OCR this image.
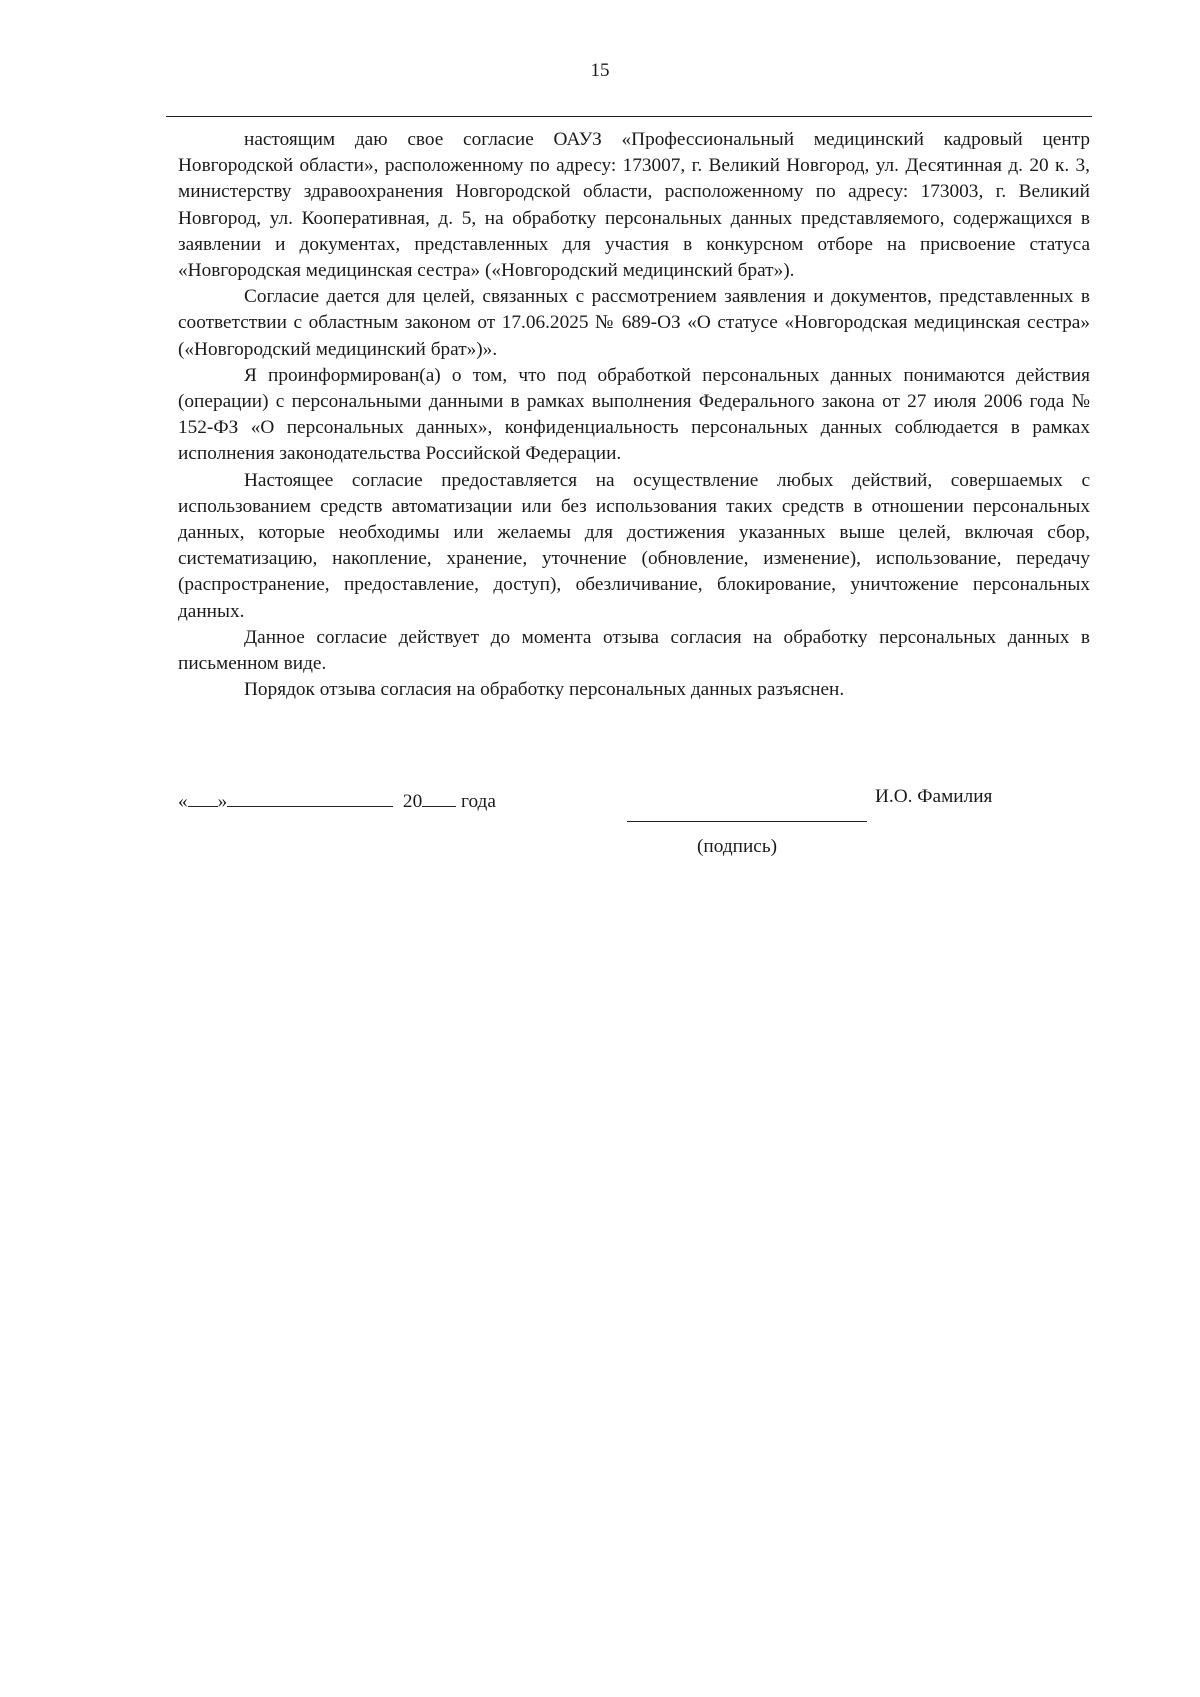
15

настоящим даю свое согласие ОАУЗ «Профессиональный медицинский кадровый центр Новгородской области», расположенному по адресу: 173007, г. Великий Новгород, ул. Десятинная д. 20 к. 3, министерству здравоохранения Новгородской области, расположенному по адресу: 173003, г. Великий Новгород, ул. Кооперативная, д. 5, на обработку персональных данных представляемого, содержащихся в заявлении и документах, представленных для участия в конкурсном отборе на присвоение статуса «Новгородская медицинская сестра» («Новгородский медицинский брат»).

Согласие дается для целей, связанных с рассмотрением заявления и документов, представленных в соответствии с областным законом от 17.06.2025 № 689-ОЗ «О статусе «Новгородская медицинская сестра» («Новгородский медицинский брат»)».

Я проинформирован(а) о том, что под обработкой персональных данных понимаются действия (операции) с персональными данными в рамках выполнения Федерального закона от 27 июля 2006 года № 152-ФЗ «О персональных данных», конфиденциальность персональных данных соблюдается в рамках исполнения законодательства Российской Федерации.

Настоящее согласие предоставляется на осуществление любых действий, совершаемых с использованием средств автоматизации или без использования таких средств в отношении персональных данных, которые необходимы или желаемы для достижения указанных выше целей, включая сбор, систематизацию, накопление, хранение, уточнение (обновление, изменение), использование, передачу (распространение, предоставление, доступ), обезличивание, блокирование, уничтожение персональных данных.

Данное согласие действует до момента отзыва согласия на обработку персональных данных в письменном виде.

Порядок отзыва согласия на обработку персональных данных разъяснен.

« »	20 года	И.О. Фамилия
(подпись)
